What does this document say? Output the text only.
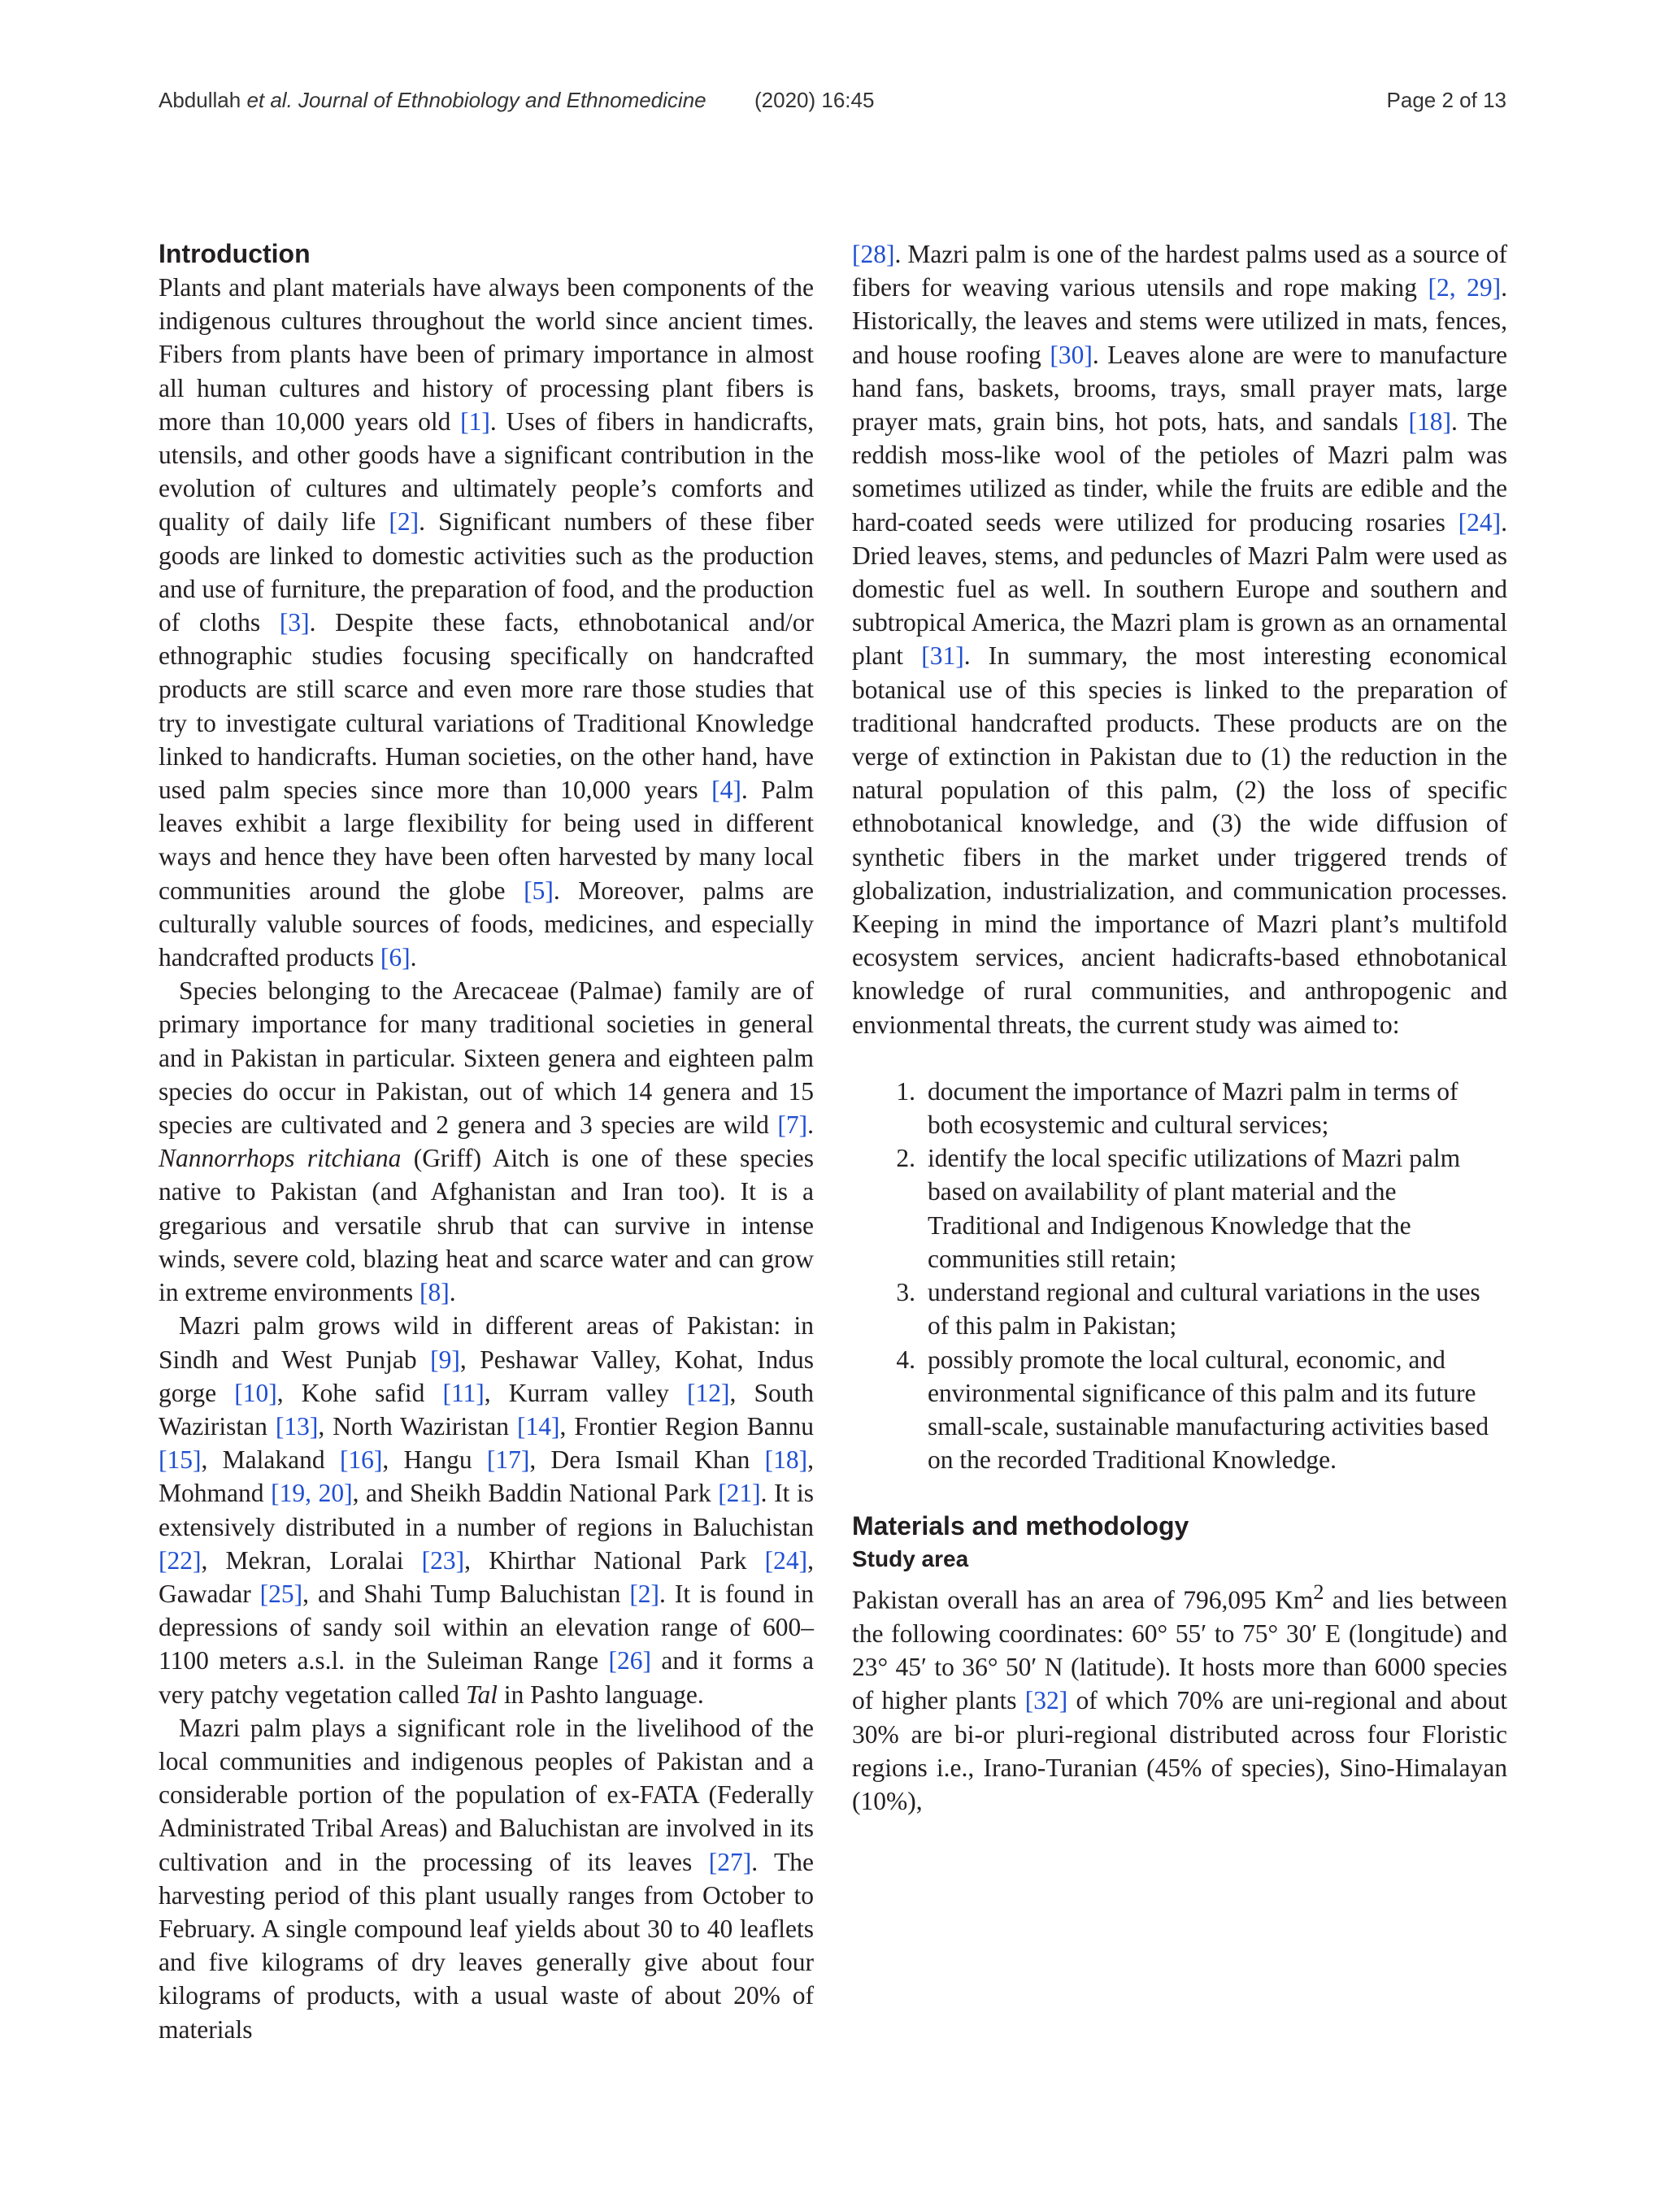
Abdullah et al. Journal of Ethnobiology and Ethnomedicine (2020) 16:45	Page 2 of 13
Introduction

Plants and plant materials have always been components of the indigenous cultures throughout the world since ancient times. Fibers from plants have been of primary importance in almost all human cultures and history of processing plant fibers is more than 10,000 years old [1]. Uses of fibers in handicrafts, utensils, and other goods have a significant contribution in the evolution of cultures and ultimately people’s comforts and quality of daily life [2]. Significant numbers of these fiber goods are linked to domestic activities such as the production and use of furniture, the preparation of food, and the production of cloths [3]. Despite these facts, ethnobotanical and/or ethnographic studies focusing specifically on handcrafted products are still scarce and even more rare those studies that try to investigate cultural variations of Traditional Knowledge linked to handicrafts. Human societies, on the other hand, have used palm species since more than 10,000 years [4]. Palm leaves exhibit a large flexibility for being used in different ways and hence they have been often harvested by many local communities around the globe [5]. Moreover, palms are culturally valuble sources of foods, medicines, and especially handcrafted products [6].

Species belonging to the Arecaceae (Palmae) family are of primary importance for many traditional societies in general and in Pakistan in particular. Sixteen genera and eighteen palm species do occur in Pakistan, out of which 14 genera and 15 species are cultivated and 2 genera and 3 species are wild [7]. Nannorrhops ritchiana (Griff) Aitch is one of these species native to Pakistan (and Afghanistan and Iran too). It is a gregarious and versatile shrub that can survive in intense winds, severe cold, blazing heat and scarce water and can grow in extreme environments [8].

Mazri palm grows wild in different areas of Pakistan: in Sindh and West Punjab [9], Peshawar Valley, Kohat, Indus gorge [10], Kohe safid [11], Kurram valley [12], South Waziristan [13], North Waziristan [14], Frontier Region Bannu [15], Malakand [16], Hangu [17], Dera Ismail Khan [18], Mohmand [19, 20], and Sheikh Baddin National Park [21]. It is extensively distributed in a number of regions in Baluchistan [22], Mekran, Loralai [23], Khirthar National Park [24], Gawadar [25], and Shahi Tump Baluchistan [2]. It is found in depressions of sandy soil within an elevation range of 600–1100 meters a.s.l. in the Suleiman Range [26] and it forms a very patchy vegetation called Tal in Pashto language.

Mazri palm plays a significant role in the livelihood of the local communities and indigenous peoples of Pakistan and a considerable portion of the population of ex-FATA (Federally Administrated Tribal Areas) and Baluchistan are involved in its cultivation and in the processing of its leaves [27]. The harvesting period of this plant usually ranges from October to February. A single compound leaf yields about 30 to 40 leaflets and five kilograms of dry leaves generally give about four kilograms of products, with a usual waste of about 20% of materials

[28]. Mazri palm is one of the hardest palms used as a source of fibers for weaving various utensils and rope making [2, 29]. Historically, the leaves and stems were utilized in mats, fences, and house roofing [30]. Leaves alone are were to manufacture hand fans, baskets, brooms, trays, small prayer mats, large prayer mats, grain bins, hot pots, hats, and sandals [18]. The reddish moss-like wool of the petioles of Mazri palm was sometimes utilized as tinder, while the fruits are edible and the hard-coated seeds were utilized for producing rosaries [24]. Dried leaves, stems, and peduncles of Mazri Palm were used as domestic fuel as well. In southern Europe and southern and subtropical America, the Mazri plam is grown as an ornamental plant [31]. In summary, the most interesting economical botanical use of this species is linked to the preparation of traditional handcrafted products. These products are on the verge of extinction in Pakistan due to (1) the reduction in the natural population of this palm, (2) the loss of specific ethnobotanical knowledge, and (3) the wide diffusion of synthetic fibers in the market under triggered trends of globalization, industrialization, and communication processes. Keeping in mind the importance of Mazri plant’s multifold ecosystem services, ancient hadicrafts-based ethnobotanical knowledge of rural communities, and anthropogenic and envionmental threats, the current study was aimed to:

1. document the importance of Mazri palm in terms of both ecosystemic and cultural services;
2. identify the local specific utilizations of Mazri palm based on availability of plant material and the Traditional and Indigenous Knowledge that the communities still retain;
3. understand regional and cultural variations in the uses of this palm in Pakistan;
4. possibly promote the local cultural, economic, and environmental significance of this palm and its future small-scale, sustainable manufacturing activities based on the recorded Traditional Knowledge.
Materials and methodology
Study area

Pakistan overall has an area of 796,095 Km$^2$ and lies between the following coordinates: 60° 55′ to 75° 30′ E (longitude) and 23° 45′ to 36° 50′ N (latitude). It hosts more than 6000 species of higher plants [32] of which 70% are uni-regional and about 30% are bi-or pluri-regional distributed across four Floristic regions i.e., Irano-Turanian (45% of species), Sino-Himalayan (10%),
